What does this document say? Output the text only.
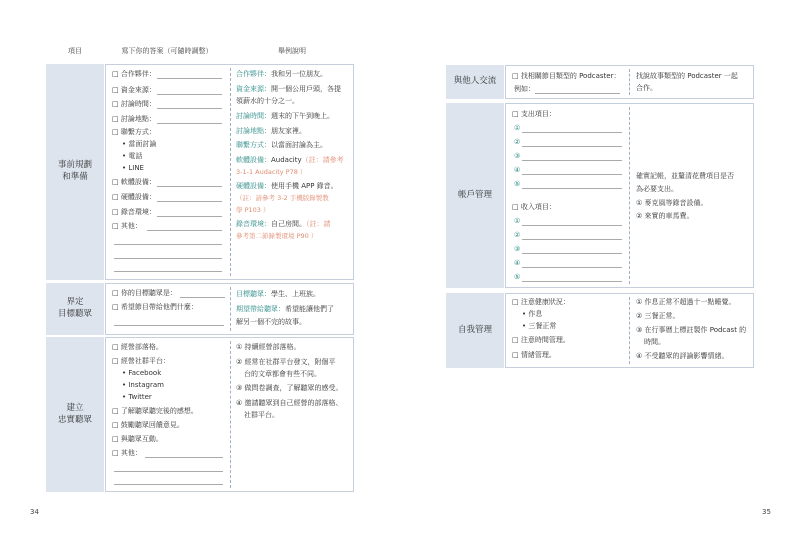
項目	寫下你的答案（可隨時調整）	舉例說明
事前規劃
和準備
□ 合作夥伴：
□ 資金來源：
□ 討論時間：
□ 討論地點：
□ 聯繫方式：
• 當面討論
• 電話
• LINE
□ 軟體設備：
□ 硬體設備：
□ 錄音環境：
□ 其他：
合作夥伴：我和另一位朋友。
資金來源：開一個公用戶頭，各提
領薪水的十分之一。
討論時間：週末的下午到晚上。
討論地點：朋友家裡。
聯繫方式：以當面討論為主。
軟體設備：Audacity（註：請參考
3-1-1 Audacity P78 ）
硬體設備：使用手機 APP 錄音。
（註：請參考 3-2 手機版錄製教
學 P103 ）
錄音環境：自己房間。（註：請
參考第二節錄製環境 P90 ）
界定
目標聽眾
□ 你的目標聽眾是：
□ 希望節目帶給他們什麼：
目標聽眾：學生、上班族。
期望帶給聽眾：希望能讓他們了
解另一個不完的故事。
建立
忠實聽眾
□ 經營部落格。
□ 經營社群平台：
• Facebook
• Instagram
• Twitter
□ 了解聽眾聽完後的感想。
□ 鼓勵聽眾回饋意見。
□ 與聽眾互動。
□ 其他：
① 持續經營部落格。
② 經常在社群平台發文，附個平
台的文章都會有些不同。
③ 做問卷調查，了解聽眾的感受。
④ 邀請聽眾到自己經營的部落格、
社群平台。
34
與他人交流
□ 找相關節目類型的 Podcaster：
例如：
找說故事類型的 Podcaster 一起
合作。
帳戶管理
□ 支出項目：
①
②
③
④
⑤
□ 收入項目：
①
②
③
④
⑤
確實記帳，並釐清花費項目是否
為必要支出。
① 麥克風等錄音設備。
② 來實的車馬費。
自我管理
□ 注意健康狀況：
• 作息
• 三餐正常
□ 注意時間管理。
□ 情緒管理。
① 作息正常不超過十一點睡覺。
② 三餐正常。
③ 在行事曆上標註製作 Podcast 的
時間。
④ 不受聽眾的評論影響情緒。
35
